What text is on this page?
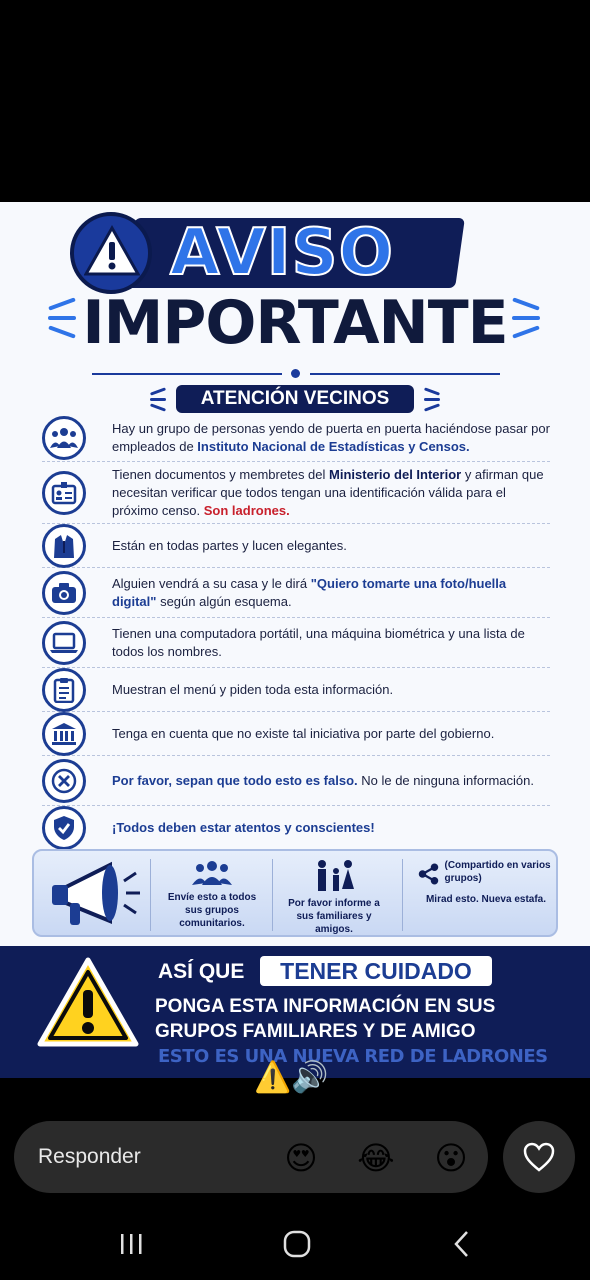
AVISO
IMPORTANTE
ATENCIÓN VECINOS
Hay un grupo de personas yendo de puerta en puerta haciéndose pasar por empleados de Instituto Nacional de Estadísticas y Censos.
Tienen documentos y membretes del Ministerio del Interior y afirman que necesitan verificar que todos tengan una identificación válida para el próximo censo. Son ladrones.
Están en todas partes y lucen elegantes.
Alguien vendrá a su casa y le dirá "Quiero tomarte una foto/huella digital" según algún esquema.
Tienen una computadora portátil, una máquina biométrica y una lista de todos los nombres.
Muestran el menú y piden toda esta información.
Tenga en cuenta que no existe tal iniciativa por parte del gobierno.
Por favor, sepan que todo esto es falso. No le de ninguna información.
¡Todos deben estar atentos y conscientes!
Envíe esto a todos sus grupos comunitarios.
Por favor informe a sus familiares y amigos.
(Compartido en varios grupos)
Mirad esto. Nueva estafa.
ASÍ QUE	TENER CUIDADO
PONGA ESTA INFORMACIÓN EN SUS GRUPOS FAMILIARES Y DE AMIGO
ESTO ES UNA NUEVA RED DE LADRONES
⚠️🔊
Responder	😍 😂 😮
